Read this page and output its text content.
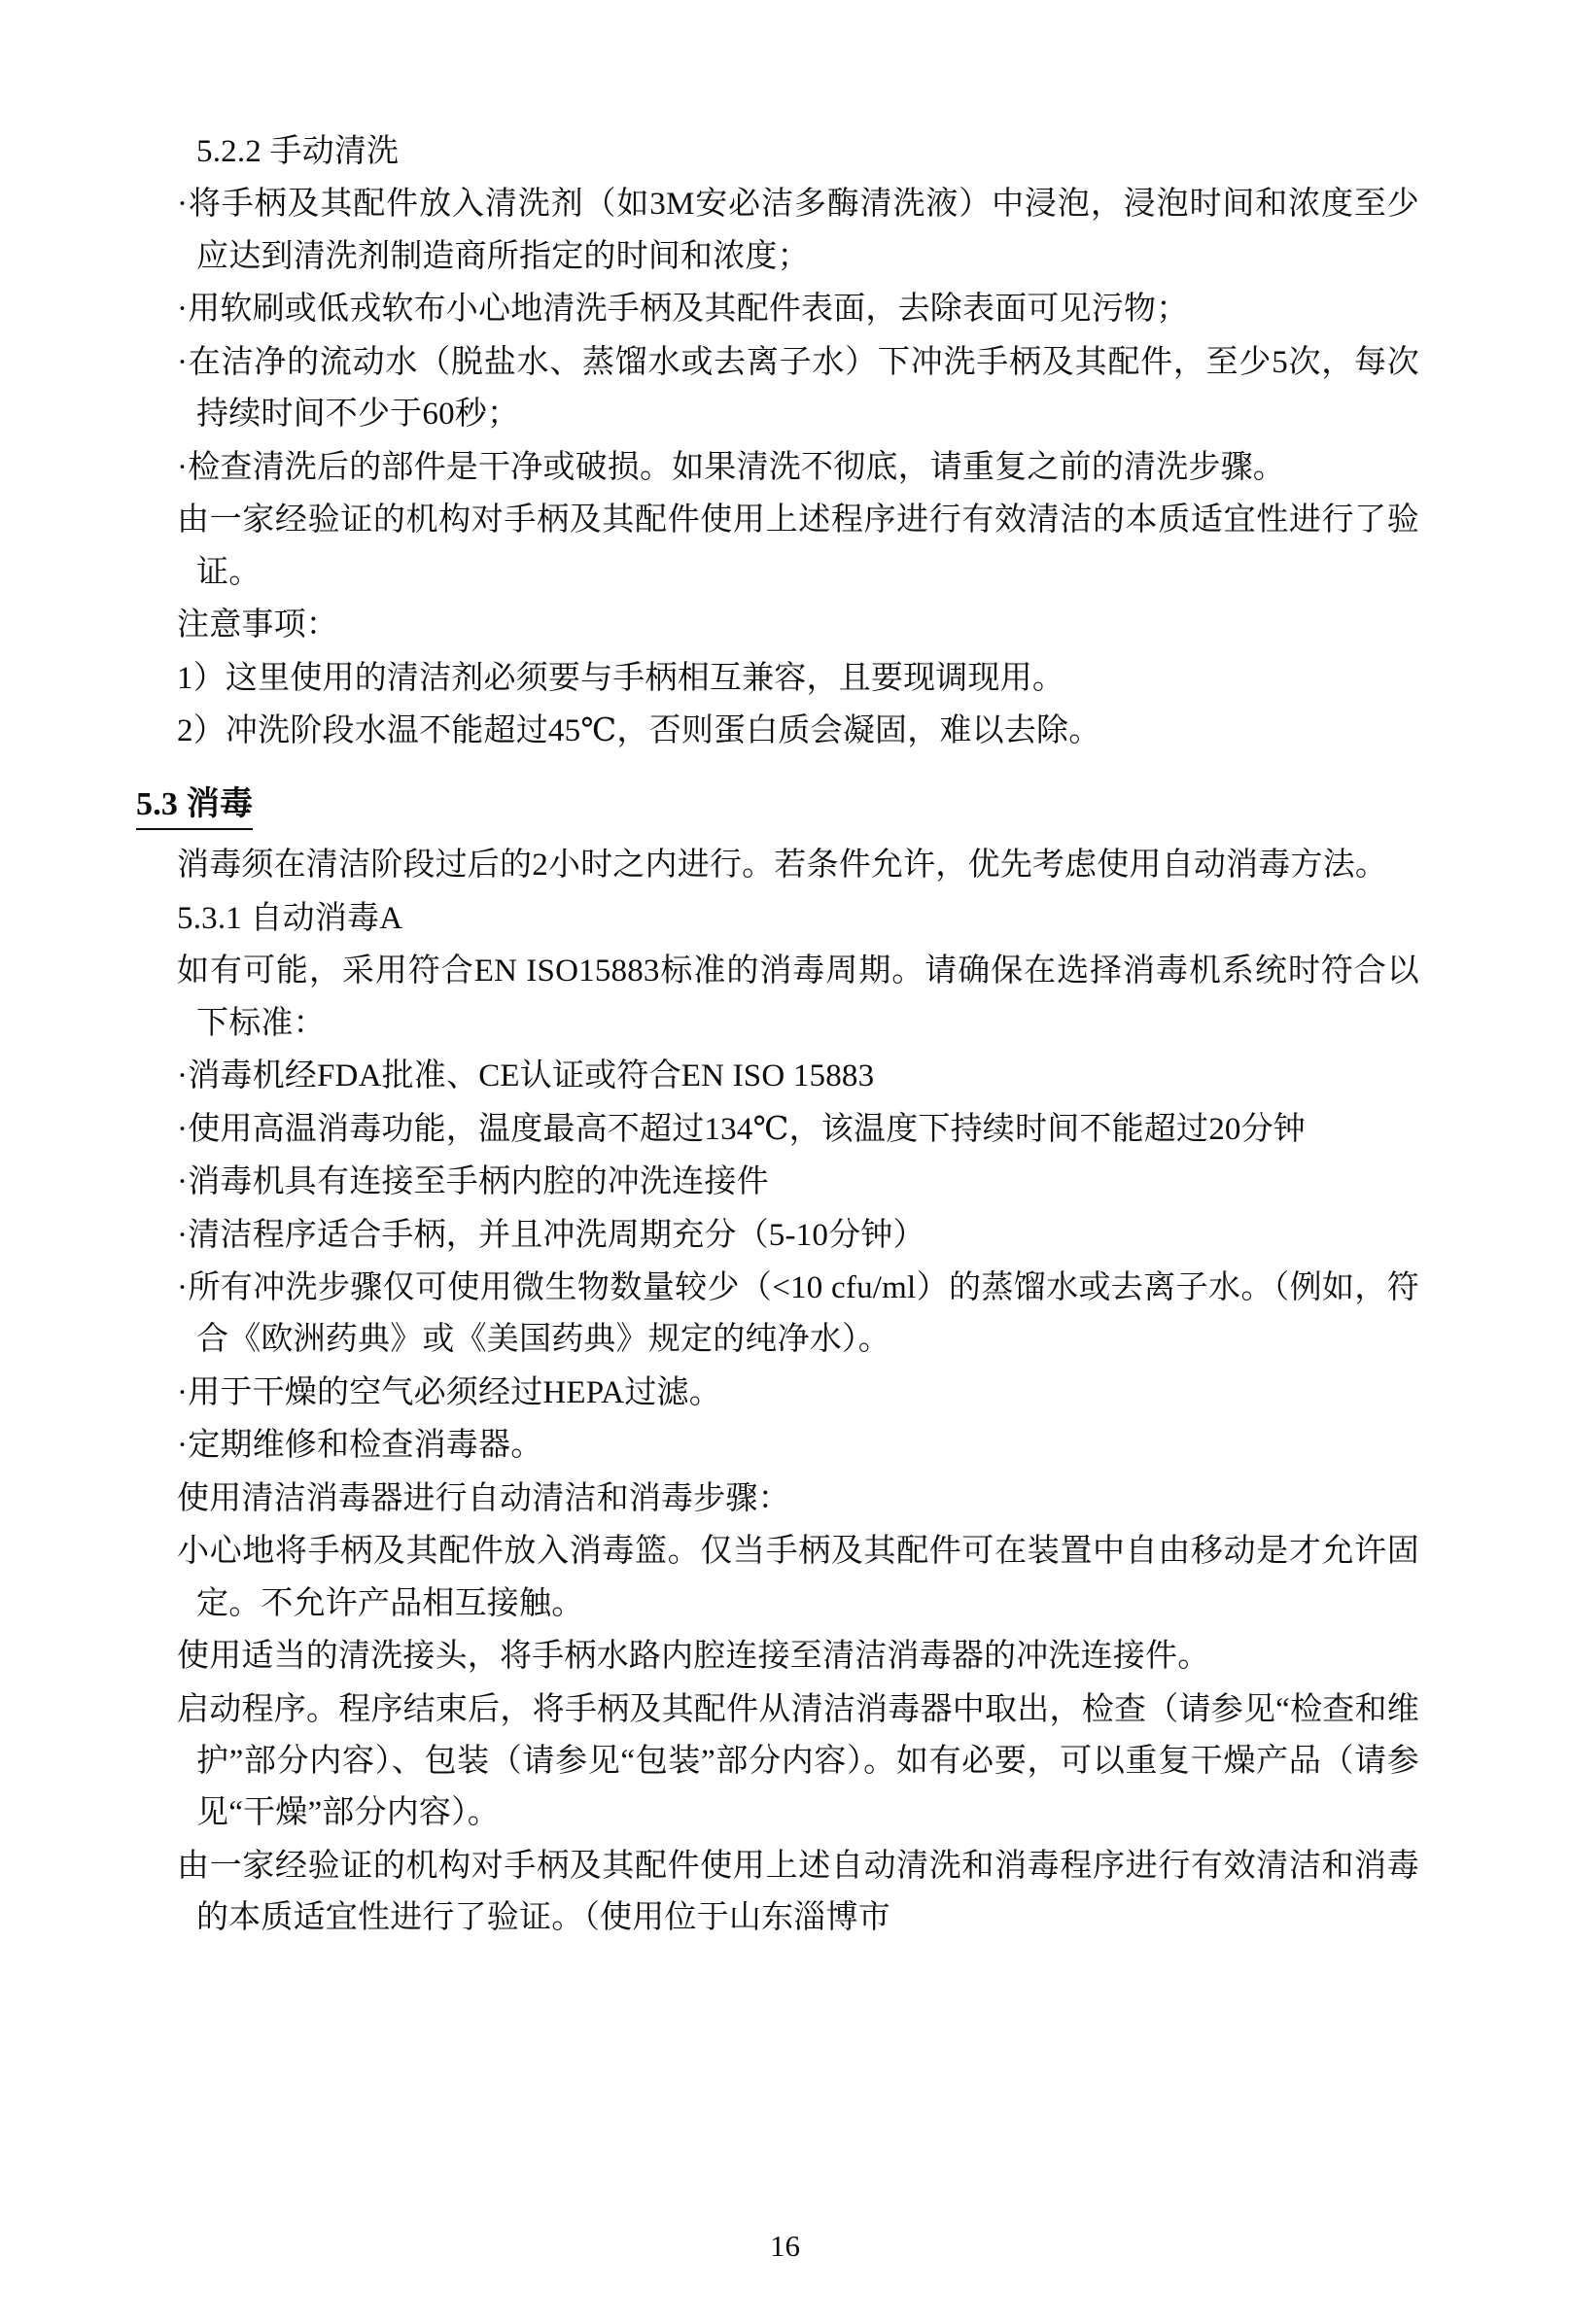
5.2.2 手动清洗

·将手柄及其配件放入清洗剂（如3M安必洁多酶清洗液）中浸泡，浸泡时间和浓度至少应达到清洗剂制造商所指定的时间和浓度；

·用软刷或低戎软布小心地清洗手柄及其配件表面，去除表面可见污物；

·在洁净的流动水（脱盐水、蒸馏水或去离子水）下冲洗手柄及其配件，至少5次，每次持续时间不少于60秒；

·检查清洗后的部件是干净或破损。如果清洗不彻底，请重复之前的清洗步骤。

由一家经验证的机构对手柄及其配件使用上述程序进行有效清洁的本质适宜性进行了验证。

注意事项：

1）这里使用的清洁剂必须要与手柄相互兼容，且要现调现用。

2）冲洗阶段水温不能超过45℃，否则蛋白质会凝固，难以去除。

5.3 消毒

消毒须在清洁阶段过后的2小时之内进行。若条件允许，优先考虑使用自动消毒方法。

5.3.1 自动消毒A

如有可能，采用符合EN ISO15883标准的消毒周期。请确保在选择消毒机系统时符合以下标准：

·消毒机经FDA批准、CE认证或符合EN ISO 15883

·使用高温消毒功能，温度最高不超过134℃，该温度下持续时间不能超过20分钟

·消毒机具有连接至手柄内腔的冲洗连接件

·清洁程序适合手柄，并且冲洗周期充分（5-10分钟）

·所有冲洗步骤仅可使用微生物数量较少（<10 cfu/ml）的蒸馏水或去离子水。（例如，符合《欧洲药典》或《美国药典》规定的纯净水）。

·用于干燥的空气必须经过HEPA过滤。

·定期维修和检查消毒器。

使用清洁消毒器进行自动清洁和消毒步骤：

小心地将手柄及其配件放入消毒篮。仅当手柄及其配件可在装置中自由移动是才允许固定。不允许产品相互接触。

使用适当的清洗接头，将手柄水路内腔连接至清洁消毒器的冲洗连接件。

启动程序。程序结束后，将手柄及其配件从清洁消毒器中取出，检查（请参见“检查和维护”部分内容）、包装（请参见“包装”部分内容）。如有必要，可以重复干燥产品（请参见“干燥”部分内容）。

由一家经验证的机构对手柄及其配件使用上述自动清洗和消毒程序进行有效清洁和消毒的本质适宜性进行了验证。（使用位于山东淄博市

16
